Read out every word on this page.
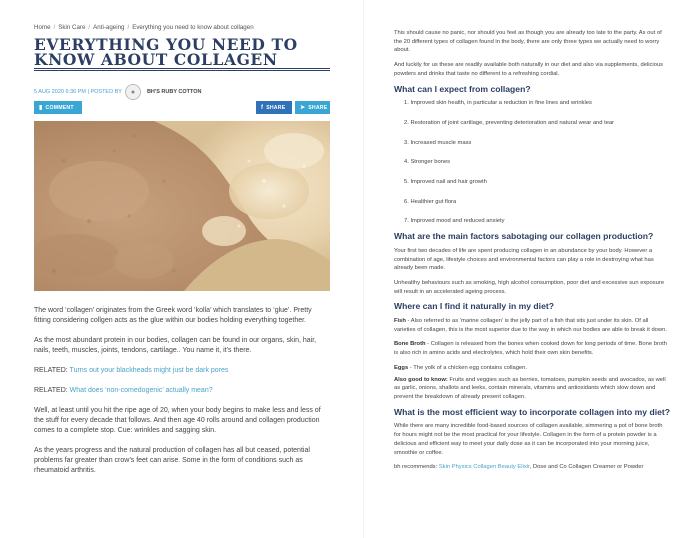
Home / Skin Care / Anti-ageing / Everything you need to know about collagen
EVERYTHING YOU NEED TO KNOW ABOUT COLLAGEN
5 AUG 2020 6:36 PM | POSTED BY	●	BH'S RUBY COTTON
▮ COMMENT	f SHARE ➤ SHARE

The word ‘collagen’ originates from the Greek word ‘kolla’ which translates to ‘glue’. Pretty fitting considering collgen acts as the glue within our bodies holding everything together.

As the most abundant protein in our bodies, collagen can be found in our organs, skin, hair, nails, teeth, muscles, joints, tendons, cartilage.. You name it, it’s there.

RELATED: Turns out your blackheads might just be dark pores

RELATED: What does ‘non-comedogenic’ actually mean?

Well, at least until you hit the ripe age of 20, when your body begins to make less and less of the stuff for every decade that follows. And then age 40 rolls around and collagen production comes to a complete stop. Cue: wrinkles and sagging skin.

As the years progress and the natural production of collagen has all but ceased, potential problems far greater than crow’s feet can arise. Some in the form of conditions such as rheumatoid arthritis.

This should cause no panic, nor should you feel as though you are already too late to the party. As out of the 20 different types of collagen found in the body, there are only three types we actually need to worry about.

And luckily for us these are readily available both naturally in our diet and also via supplements, delicious powders and drinks that taste no different to a refreshing cordial.

What can I expect from collagen?
1. Improved skin health, in particular a reduction in fine lines and wrinkles
2. Restoration of joint cartilage, preventing deterioration and natural wear and tear
3. Increased muscle mass
4. Stronger bones
5. Improved nail and hair growth
6. Healthier gut flora
7. Improved mood and reduced anxiety
What are the main factors sabotaging our collagen production?

Your first two decades of life are spent producing collagen in an abundance by your body. However a combination of age, lifestyle choices and environmental factors can play a role in destroying what has already been made.

Unhealthy behaviours such as smoking, high alcohol consumption, poor diet and excessive sun exposure will result in an accelerated ageing process.

Where can I find it naturally in my diet?

Fish - Also referred to as ‘marine collagen’ is the jelly part of a fish that sits just under its skin. Of all varieties of collagen, this is the most superior due to the way in which our bodies are able to break it down.

Bone Broth - Collagen is released from the bones when cooked down for long periods of time. Bone broth is also rich in amino acids and electrolytes, which hold their own skin benefits.

Eggs - The yolk of a chicken egg contains collagen.

Also good to know: Fruits and veggies such as berries, tomatoes, pumpkin seeds and avocados, as well as garlic, onions, shallots and leeks, contain minerals, vitamins and antioxidants which slow down and prevent the breakdown of already present collagen.

What is the most efficient way to incorporate collagen into my diet?

While there are many incredible food-based sources of collagen available, simmering a pot of bone broth for hours might not be the most practical for your lifestyle. Collagen in the form of a protein powder is a delicious and efficient way to meet your daily dose as it can be incorporated into your morning juice, smoothie or coffee.

bh recommends: Skin Physics Collagen Beauty Elixir, Dose and Co Collagen Creamer or Powder
